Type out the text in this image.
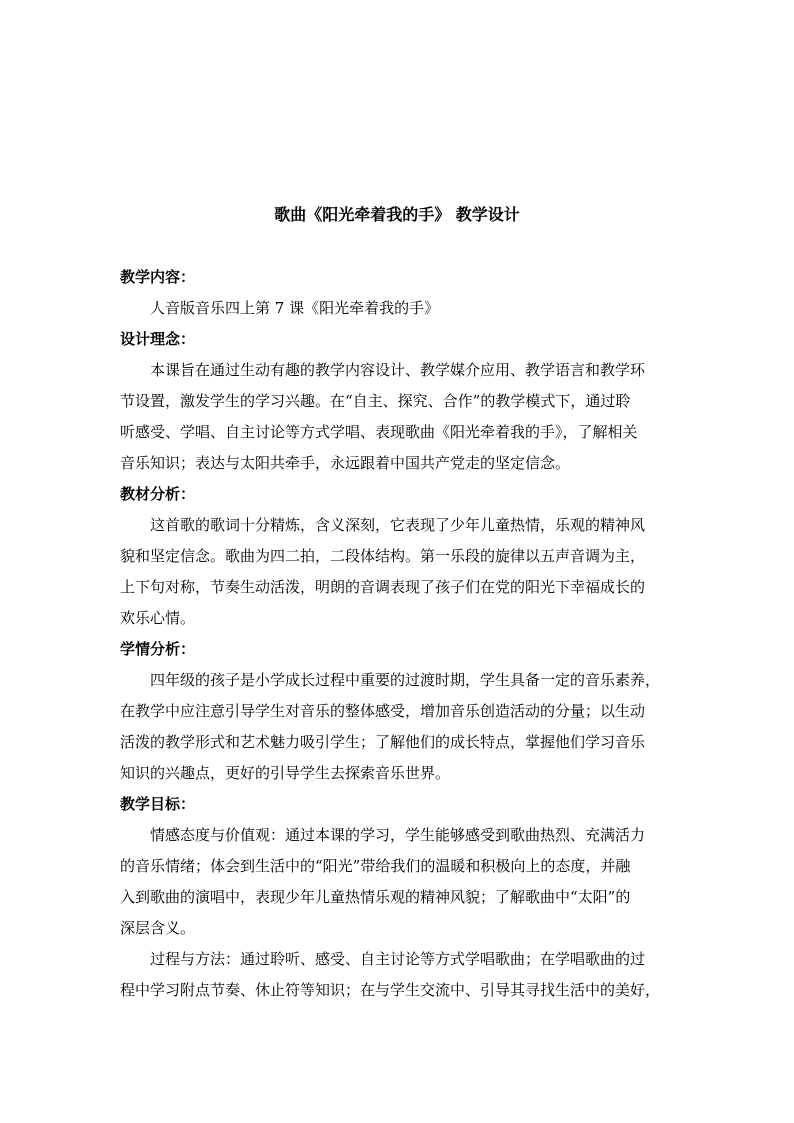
歌曲《阳光牵着我的手》 教学设计
教学内容：
人音版音乐四上第 7 课《阳光牵着我的手》
设计理念：
本课旨在通过生动有趣的教学内容设计、教学媒介应用、教学语言和教学环
节设置，激发学生的学习兴趣。在“自主、探究、合作”的教学模式下，通过聆
听感受、学唱、自主讨论等方式学唱、表现歌曲《阳光牵着我的手》，了解相关
音乐知识；表达与太阳共牵手，永远跟着中国共产党走的坚定信念。
教材分析：
这首歌的歌词十分精炼，含义深刻，它表现了少年儿童热情，乐观的精神风
貌和坚定信念。歌曲为四二拍，二段体结构。第一乐段的旋律以五声音调为主，
上下句对称，节奏生动活泼，明朗的音调表现了孩子们在党的阳光下幸福成长的
欢乐心情。
学情分析：
四年级的孩子是小学成长过程中重要的过渡时期，学生具备一定的音乐素养，
在教学中应注意引导学生对音乐的整体感受，增加音乐创造活动的分量；以生动
活泼的教学形式和艺术魅力吸引学生；了解他们的成长特点，掌握他们学习音乐
知识的兴趣点，更好的引导学生去探索音乐世界。
教学目标：
情感态度与价值观：通过本课的学习，学生能够感受到歌曲热烈、充满活力
的音乐情绪；体会到生活中的“阳光”带给我们的温暖和积极向上的态度，并融
入到歌曲的演唱中，表现少年儿童热情乐观的精神风貌；了解歌曲中“太阳”的
深层含义。
过程与方法：通过聆听、感受、自主讨论等方式学唱歌曲；在学唱歌曲的过
程中学习附点节奏、休止符等知识；在与学生交流中、引导其寻找生活中的美好，
